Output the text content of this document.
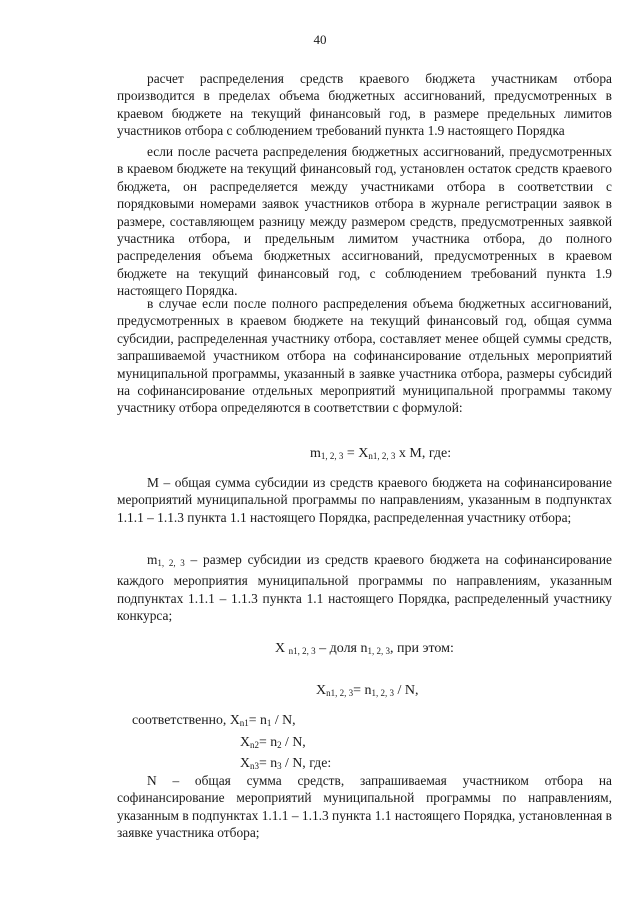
40

расчет распределения средств краевого бюджета участникам отбора производится в пределах объема бюджетных ассигнований, предусмотренных в краевом бюджете на текущий финансовый год, в размере предельных лимитов участников отбора с соблюдением требований пункта 1.9 настоящего Порядка

если после расчета распределения бюджетных ассигнований, предусмотренных в краевом бюджете на текущий финансовый год, установлен остаток средств краевого бюджета, он распределяется между участниками отбора в соответствии с порядковыми номерами заявок участников отбора в журнале регистрации заявок в размере, составляющем разницу между размером средств, предусмотренных заявкой участника отбора, и предельным лимитом участника отбора, до полного распределения объема бюджетных ассигнований, предусмотренных в краевом бюджете на текущий финансовый год, с соблюдением требований пункта 1.9 настоящего Порядка.

в случае если после полного распределения объема бюджетных ассигнований, предусмотренных в краевом бюджете на текущий финансовый год, общая сумма субсидии, распределенная участнику отбора, составляет менее общей суммы средств, запрашиваемой участником отбора на софинансирование отдельных мероприятий муниципальной программы, указанный в заявке участника отбора, размеры субсидий на софинансирование отдельных мероприятий муниципальной программы такому участнику отбора определяются в соответствии с формулой:

$m_{1, 2, 3} = X_{n1, 2, 3}$ x M, где:

M – общая сумма субсидии из средств краевого бюджета на софинансирование мероприятий муниципальной программы по направлениям, указанным в подпунктах 1.1.1 – 1.1.3 пункта 1.1 настоящего Порядка, распределенная участнику отбора;

$m_{1, 2, 3}$ – размер субсидии из средств краевого бюджета на софинансирование каждого мероприятия муниципальной программы по направлениям, указанным подпунктах 1.1.1 – 1.1.3 пункта 1.1 настоящего Порядка, распределенный участнику конкурса;

X $_{n1, 2, 3}$ – доля $n_{1, 2, 3}$, при этом:
$X_{n1, 2, 3}= n_{1, 2, 3} / N$,
соответственно, $X_{n1}= n_1 / N$,
$X_{n2}= n_2 / N$,
$X_{n3}= n_3 / N$, где:

N – общая сумма средств, запрашиваемая участником отбора на софинансирование мероприятий муниципальной программы по направлениям, указанным в подпунктах 1.1.1 – 1.1.3 пункта 1.1 настоящего Порядка, установленная в заявке участника отбора;
